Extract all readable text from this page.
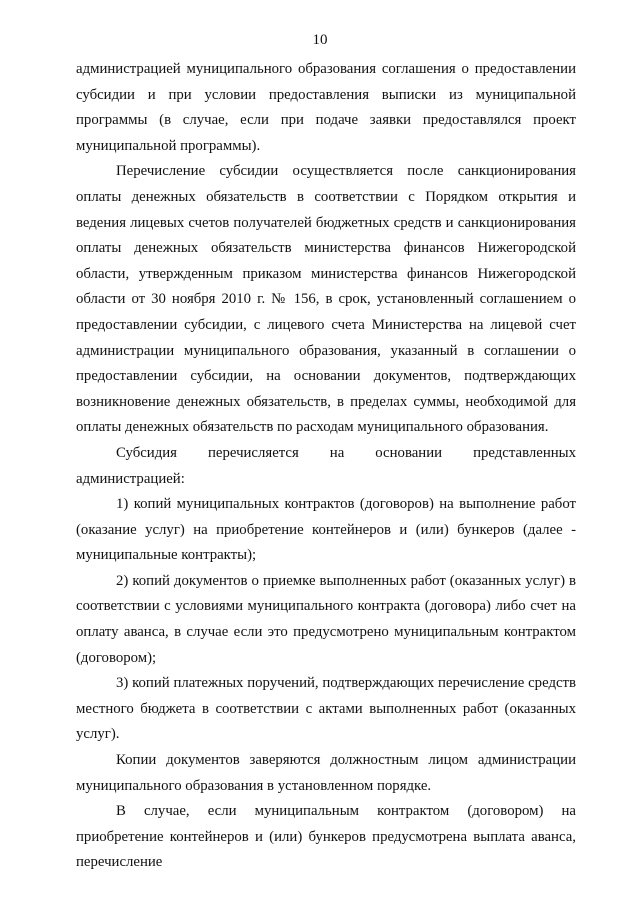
10

администрацией муниципального образования соглашения о предоставлении субсидии и при условии предоставления выписки из муниципальной программы (в случае, если при подаче заявки предоставлялся проект муниципальной программы).

Перечисление субсидии осуществляется после санкционирования оплаты денежных обязательств в соответствии с Порядком открытия и ведения лицевых счетов получателей бюджетных средств и санкционирования оплаты денежных обязательств министерства финансов Нижегородской области, утвержденным приказом министерства финансов Нижегородской области от 30 ноября 2010 г. № 156, в срок, установленный соглашением о предоставлении субсидии, с лицевого счета Министерства на лицевой счет администрации муниципального образования, указанный в соглашении о предоставлении субсидии, на основании документов, подтверждающих возникновение денежных обязательств, в пределах суммы, необходимой для оплаты денежных обязательств по расходам муниципального образования.

Субсидия перечисляется на основании представленных администрацией:

1) копий муниципальных контрактов (договоров) на выполнение работ (оказание услуг) на приобретение контейнеров и (или) бункеров (далее - муниципальные контракты);

2) копий документов о приемке выполненных работ (оказанных услуг) в соответствии с условиями муниципального контракта (договора) либо счет на оплату аванса, в случае если это предусмотрено муниципальным контрактом (договором);

3) копий платежных поручений, подтверждающих перечисление средств местного бюджета в соответствии с актами выполненных работ (оказанных услуг).

Копии документов заверяются должностным лицом администрации муниципального образования в установленном порядке.

В случае, если муниципальным контрактом (договором) на приобретение контейнеров и (или) бункеров предусмотрена выплата аванса, перечисление
